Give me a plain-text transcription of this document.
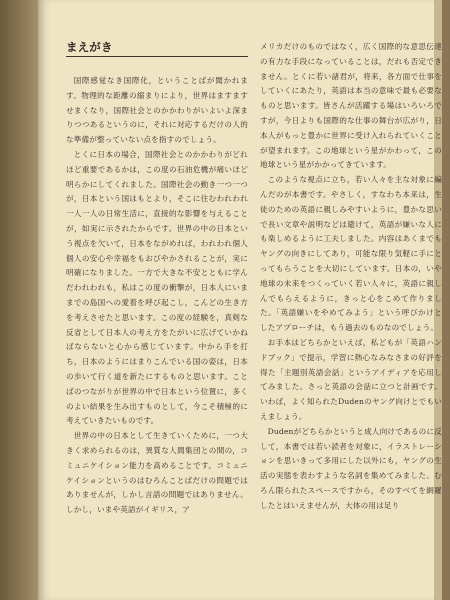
まえがき

国際感覚なき国際化，ということばが聞かれます。物理的な距離の縮まりにより，世界はますますせまくなり，国際社会とのかかわりがいよいよ深まりつつあるというのに，それに対応するだけの人的な準備が整っていない点を指すのでしょう。

とくに日本の場合，国際社会とのかかわりがどれほど重要であるかは，この度の石油危機が痛いほど明らかにしてくれました。国際社会の動き一つ一つが，日本という国はもとより，そこに住むわれわれ一人一人の日常生活に，直接的な影響を与えることが，如実に示されたからです。世界の中の日本という視点を欠いて，日本をながめれば，われわれ個人個人の安心や幸福をもおびやかされることが，実に明確になりました。一方で大きな不安とともに学んだわれわれも，私はこの度の衝撃が，日本人にいままでの島国への愛着を呼び起こし，こんどの生き方を考えさせたと思います。この度の経験を，真剣な反省として日本人の考え方をたがいに広げていかねばならないと心から感じています。中から手を打ち，日本のようにはまりこんでいる国の姿は，日本の歩いて行く道を新たにするものと思います。ことばのつながりが世界の中で日本という位置に，多くのよい結果を生み出すものとして，今こそ積極的に考えていきたいものです。

世界の中の日本として生きていくために，一つ大きく求められるのは，異質な人間集団との間の，コミュニケイション能力を高めることです。コミュニケイションというのはむろんことばだけの問題ではありませんが，しかし言語の問題ではありません。しかし，いまや英語がイギリス，ア

メリカだけのものではなく，広く国際的な意思伝達の有力な手段になっていることは，だれも否定できません。とくに若い諸君が，将来，各方面で仕事をしていくにあたり，英語は本当の意味で最も必要なものと思います。皆さんが活躍する場はいろいろですが，今日よりも国際的な仕事の舞台が広がり，日本人がもっと豊かに世界に受け入れられていくことが望まれます。この地球という星がかわって，この地球という星がかかってきています。

このような視点に立ち，若い人々を主な対象に編んだのが本書です。やさしく，すなわち本来は，生徒のための英語に親しみやすいように，豊かな思いで長い文章や説明などは避けて，英語が嫌いな人にも楽しめるように工夫しました。内容はあくまでもヤングの向きにしてあり，可能な限り気軽に手にとってもらうことを大切にしています。日本の，いや地球の未来をつくっていく若い人々に，英語に親しんでもらえるように，きっと心をこめて作りました。「英語嫌いをやめてみよう」という呼びかけとしたアプローチは，もう過去のものなのでしょう。

お手本はどちらかといえば，私どもが「英語ハンドブック」で提示，学習に熱心なみなさまの好評を得た「主題別英語会話」というアイディアを応用してみました。さっと英語の会話に立つと計画です。いわば，よく知られたDudenのヤング向けとでもいえましょう。

Dudenがどちらかというと成人向けであるのに反して，本書では若い読者を対象に，イラストレーションを思いきって多用にした以外にも，ヤングの生活の実態を表わすような名詞を集めてみました。むろん限られたスペースですから，そのすべてを網羅したとはいえませんが，大体の用は足り
